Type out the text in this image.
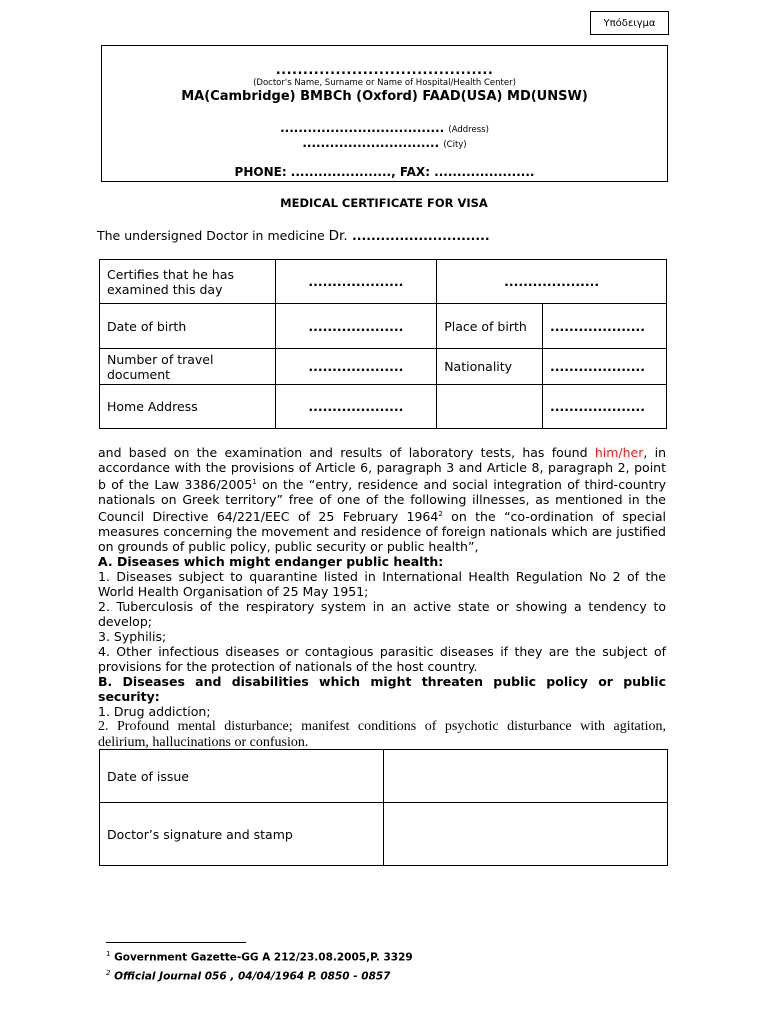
Υπόδειγμα
........................................
(Doctor's Name, Surname or Name of Hospital/Health Center)
MA(Cambridge) BMBCh (Oxford) FAAD(USA) MD(UNSW)
.................................... (Address)
.............................. (City)
PHONE: ......................, FAX: ......................
MEDICAL CERTIFICATE FOR VISA
The undersigned Doctor in medicine Dr. .............................
Certifies that he has examined this day	....................	....................	
Date of birth	....................	Place of birth	....................
Number of travel document	....................	Nationality	....................
Home Address	....................		....................

and based on the examination and results of laboratory tests, has found him/her, in accordance with the provisions of Article 6, paragraph 3 and Article 8, paragraph 2, point b of the Law 3386/2005$^1$ on the “entry, residence and social integration of third-country nationals on Greek territory” free of one of the following illnesses, as mentioned in the Council Directive 64/221/EEC of 25 February 1964$^2$ on the “co-ordination of special measures concerning the movement and residence of foreign nationals which are justified on grounds of public policy, public security or public health”,

A. Diseases which might endanger public health:

1. Diseases subject to quarantine listed in International Health Regulation No 2 of the World Health Organisation of 25 May 1951;

2. Tuberculosis of the respiratory system in an active state or showing a tendency to develop;

3. Syphilis;

4. Other infectious diseases or contagious parasitic diseases if they are the subject of provisions for the protection of nationals of the host country.

B. Diseases and disabilities which might threaten public policy or public security:

1. Drug addiction;

2. Profound mental disturbance; manifest conditions of psychotic disturbance with agitation, delirium, hallucinations or confusion.

Date of issue	
Doctor’s signature and stamp	
$^1$ Government Gazette-GG A 212/23.08.2005,P. 3329
$^2$ Official Journal 056 , 04/04/1964 P. 0850 - 0857
